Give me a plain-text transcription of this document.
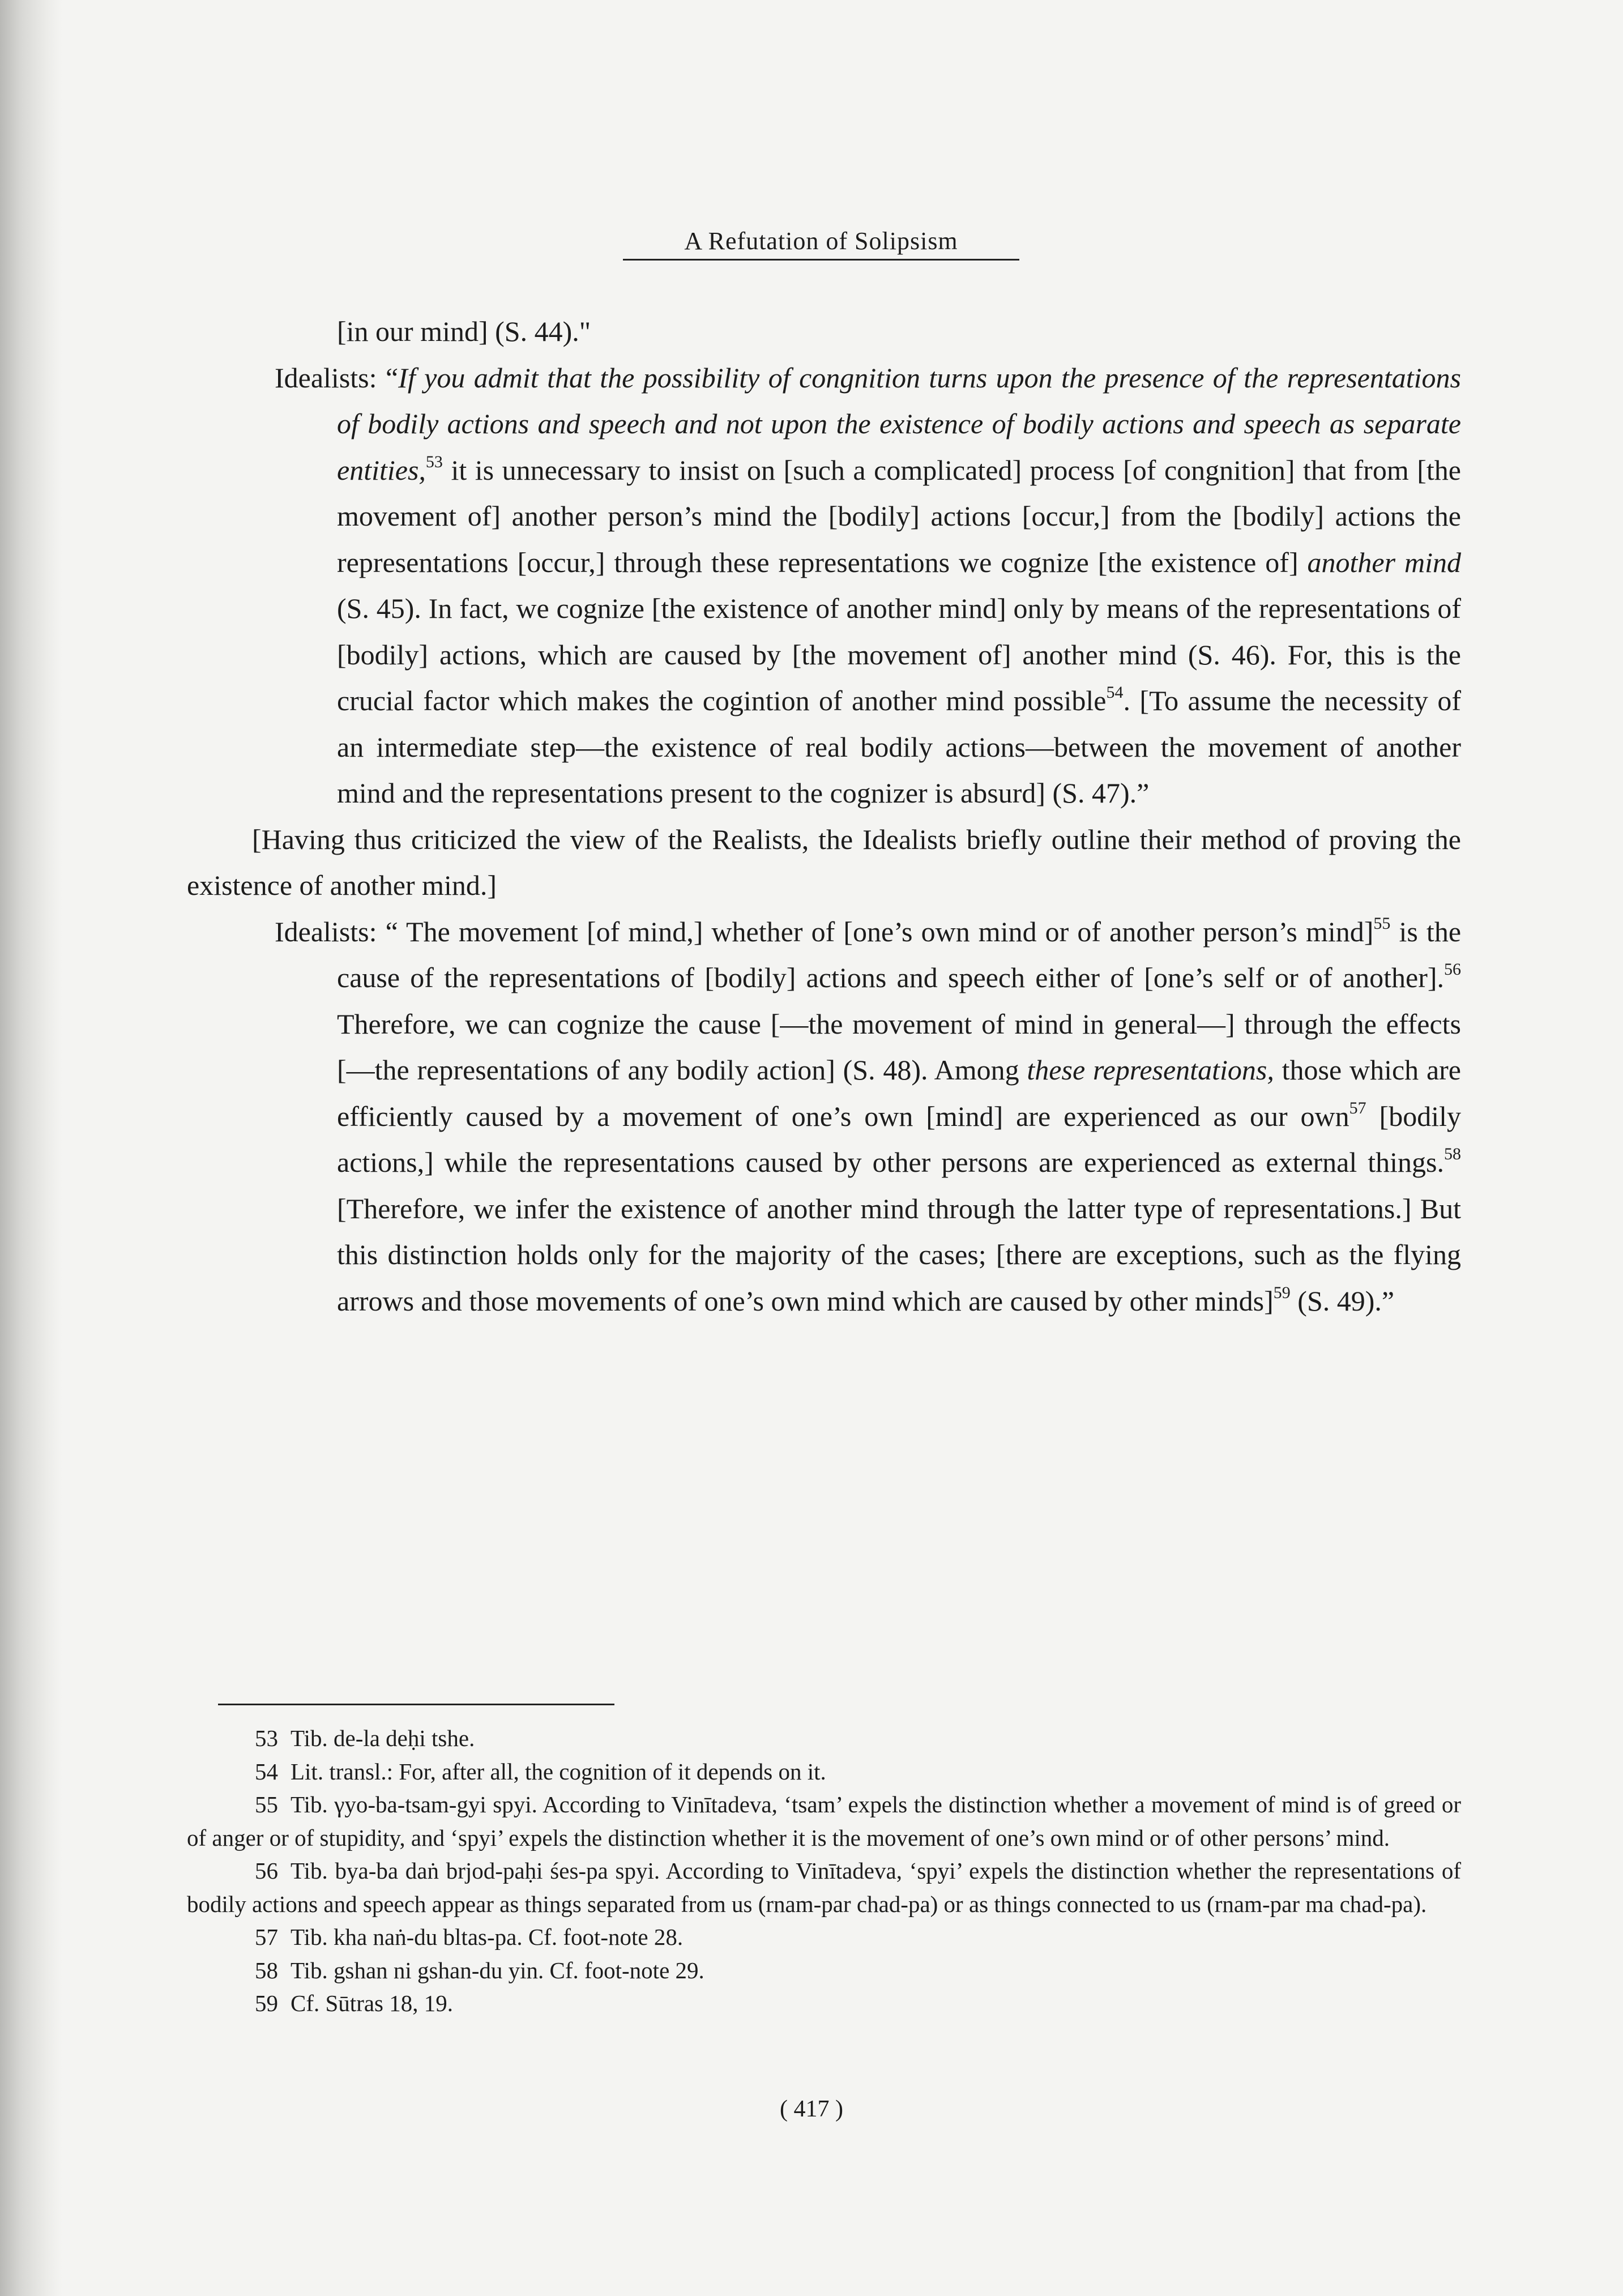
A Refutation of Solipsism

[in our mind] (S. 44)."

Idealists: “If you admit that the possibility of congnition turns upon the presence of the representations of bodily actions and speech and not upon the existence of bodily actions and speech as separate entities,$^{53}$ it is unnecessary to insist on [such a complicated] process [of congnition] that from [the movement of] another person’s mind the [bodily] actions [occur,] from the [bodily] actions the representations [occur,] through these representations we cognize [the existence of] another mind (S. 45). In fact, we cognize [the existence of another mind] only by means of the representations of [bodily] actions, which are caused by [the movement of] another mind (S. 46). For, this is the crucial factor which makes the cogintion of another mind possible$^{54}$. [To assume the necessity of an intermediate step—the existence of real bodily actions—between the movement of another mind and the representations present to the cognizer is absurd] (S. 47).”

[Having thus criticized the view of the Realists, the Idealists briefly outline their method of proving the existence of another mind.]

Idealists: “ The movement [of mind,] whether of [one’s own mind or of another person’s mind]$^{55}$ is the cause of the representations of [bodily] actions and speech either of [one’s self or of another].$^{56}$ Therefore, we can cognize the cause [—the movement of mind in general—] through the effects [—the representations of any bodily action] (S. 48). Among these representations, those which are efficiently caused by a movement of one’s own [mind] are experienced as our own$^{57}$ [bodily actions,] while the representations caused by other persons are experienced as external things.$^{58}$ [Therefore, we infer the existence of another mind through the latter type of representations.] But this distinction holds only for the majority of the cases; [there are exceptions, such as the flying arrows and those movements of one’s own mind which are caused by other minds]$^{59}$ (S. 49).”

53 Tib. de-la deḥi tshe.

54 Lit. transl.: For, after all, the cognition of it depends on it.

55 Tib. γyo-ba-tsam-gyi spyi. According to Vinītadeva, ‘tsam’ expels the distinction whether a movement of mind is of greed or of anger or of stupidity, and ‘spyi’ expels the distinction whether it is the movement of one’s own mind or of other persons’ mind.

56 Tib. bya-ba daṅ brjod-paḥi śes-pa spyi. According to Vinītadeva, ‘spyi’ expels the distinction whether the representations of bodily actions and speech appear as things separated from us (rnam-par chad-pa) or as things connected to us (rnam-par ma chad-pa).

57 Tib. kha naṅ-du bltas-pa. Cf. foot-note 28.

58 Tib. gshan ni gshan-du yin. Cf. foot-note 29.

59 Cf. Sūtras 18, 19.

( 417 )
